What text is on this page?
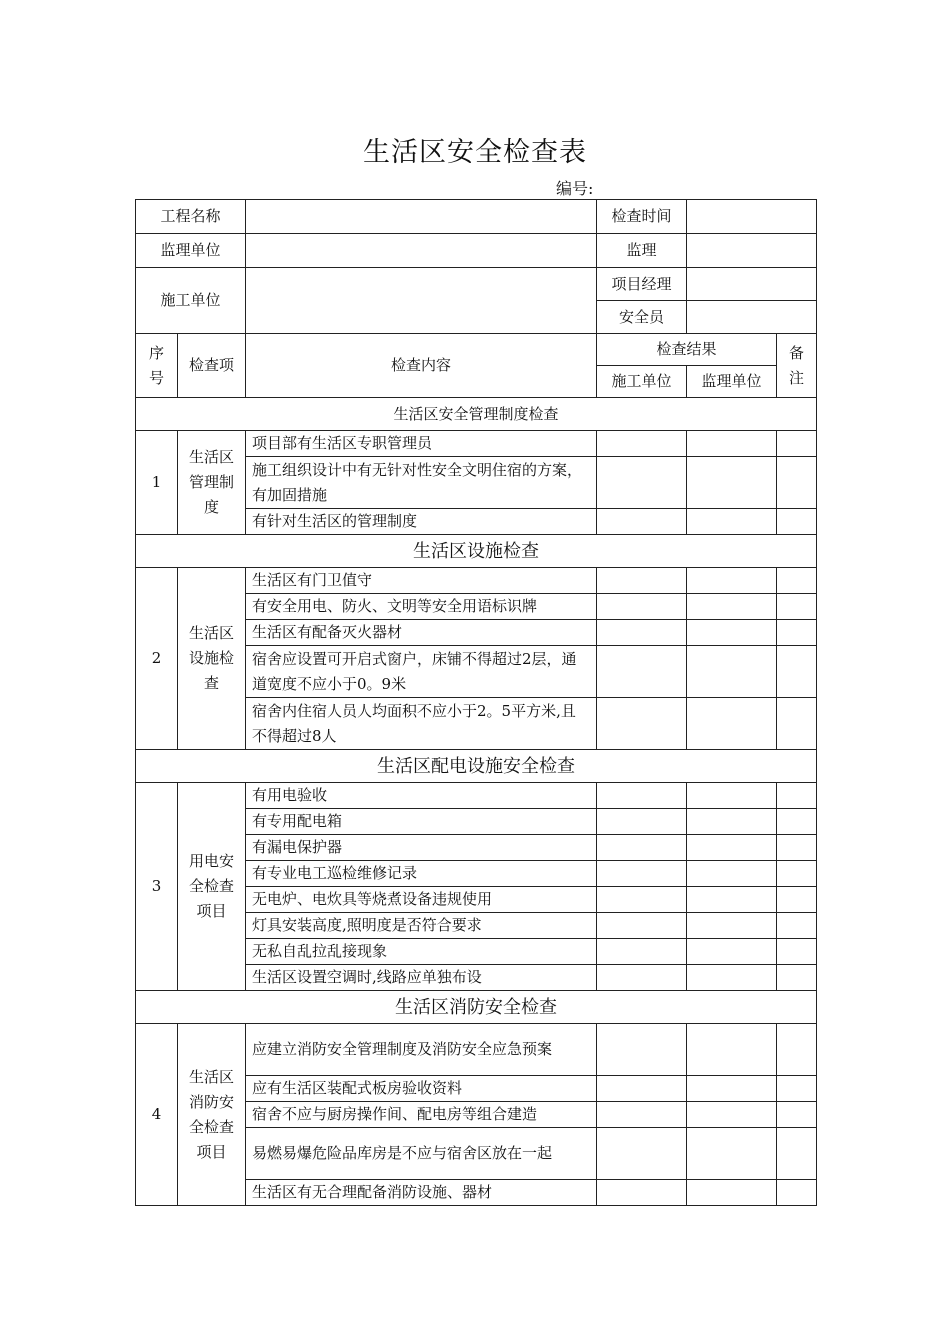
生活区安全检查表
编号:
工程名称			检查时间		
监理单位			监理		
施工单位			项目经理		
			安全员		
序号	检查项	检查内容	检查结果		备注
			施工单位	监理单位	
生活区安全管理制度检查					
1	生活区管理制度	项目部有生活区专职管理员			
		施工组织设计中有无针对性安全文明住宿的方案，有加固措施			
		有针对生活区的管理制度			
生活区设施检查					
2	生活区设施检查	生活区有门卫值守			
		有安全用电、防火、文明等安全用语标识牌			
		生活区有配备灭火器材			
		宿舍应设置可开启式窗户，床铺不得超过2层，通道宽度不应小于0。9米			
		宿舍内住宿人员人均面积不应小于2。5平方米,且不得超过8人			
生活区配电设施安全检查					
3	用电安全检查项目	有用电验收			
		有专用配电箱			
		有漏电保护器			
		有专业电工巡检维修记录			
		无电炉、电炊具等烧煮设备违规使用			
		灯具安装高度,照明度是否符合要求			
		无私自乱拉乱接现象			
		生活区设置空调时,线路应单独布设			
生活区消防安全检查					
4	生活区消防安全检查项目	应建立消防安全管理制度及消防安全应急预案			
		应有生活区装配式板房验收资料			
		宿舍不应与厨房操作间、配电房等组合建造			
		易燃易爆危险品库房是不应与宿舍区放在一起			
		生活区有无合理配备消防设施、器材			
